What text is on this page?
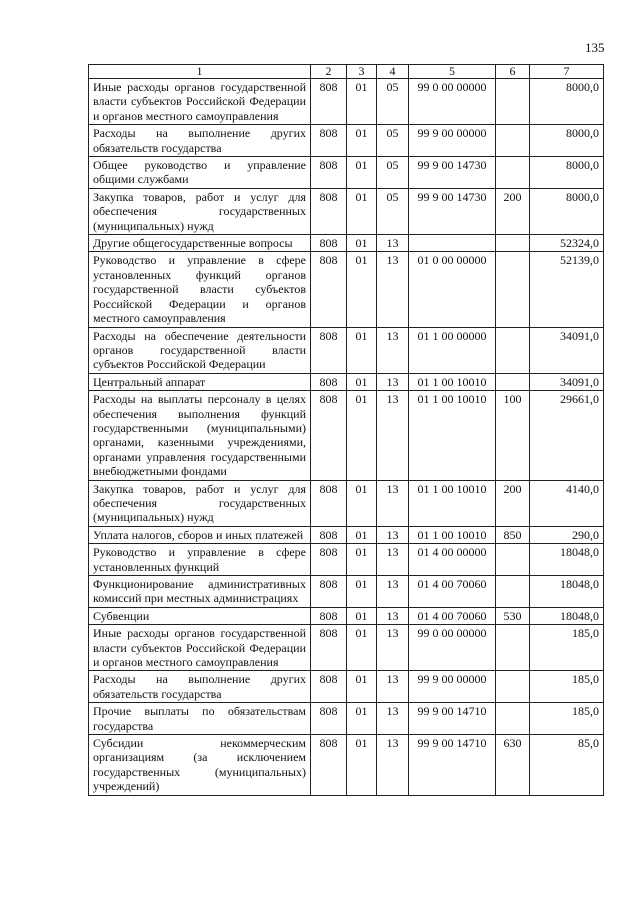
135
1	2	3	4	5	6	7
Иные расходы органов государственной власти субъектов Российской Федерации и органов местного самоуправления	808	01	05	99 0 00 00000		8000,0
Расходы на выполнение других обязательств государства	808	01	05	99 9 00 00000		8000,0
Общее руководство и управление общими службами	808	01	05	99 9 00 14730		8000,0
Закупка товаров, работ и услуг для обеспечения государственных (муниципальных) нужд	808	01	05	99 9 00 14730	200	8000,0
Другие общегосударственные вопросы	808	01	13			52324,0
Руководство и управление в сфере установленных функций органов государственной власти субъектов Российской Федерации и органов местного самоуправления	808	01	13	01 0 00 00000		52139,0
Расходы на обеспечение деятельности органов государственной власти субъектов Российской Федерации	808	01	13	01 1 00 00000		34091,0
Центральный аппарат	808	01	13	01 1 00 10010		34091,0
Расходы на выплаты персоналу в целях обеспечения выполнения функций государственными (муниципальными) органами, казенными учреждениями, органами управления государственными внебюджетными фондами	808	01	13	01 1 00 10010	100	29661,0
Закупка товаров, работ и услуг для обеспечения государственных (муниципальных) нужд	808	01	13	01 1 00 10010	200	4140,0
Уплата налогов, сборов и иных платежей	808	01	13	01 1 00 10010	850	290,0
Руководство и управление в сфере установленных функций	808	01	13	01 4 00 00000		18048,0
Функционирование административных комиссий при местных администрациях	808	01	13	01 4 00 70060		18048,0
Субвенции	808	01	13	01 4 00 70060	530	18048,0
Иные расходы органов государственной власти субъектов Российской Федерации и органов местного самоуправления	808	01	13	99 0 00 00000		185,0
Расходы на выполнение других обязательств государства	808	01	13	99 9 00 00000		185,0
Прочие выплаты по обязательствам государства	808	01	13	99 9 00 14710		185,0
Субсидии некоммерческим организациям (за исключением государственных (муниципальных) учреждений)	808	01	13	99 9 00 14710	630	85,0
